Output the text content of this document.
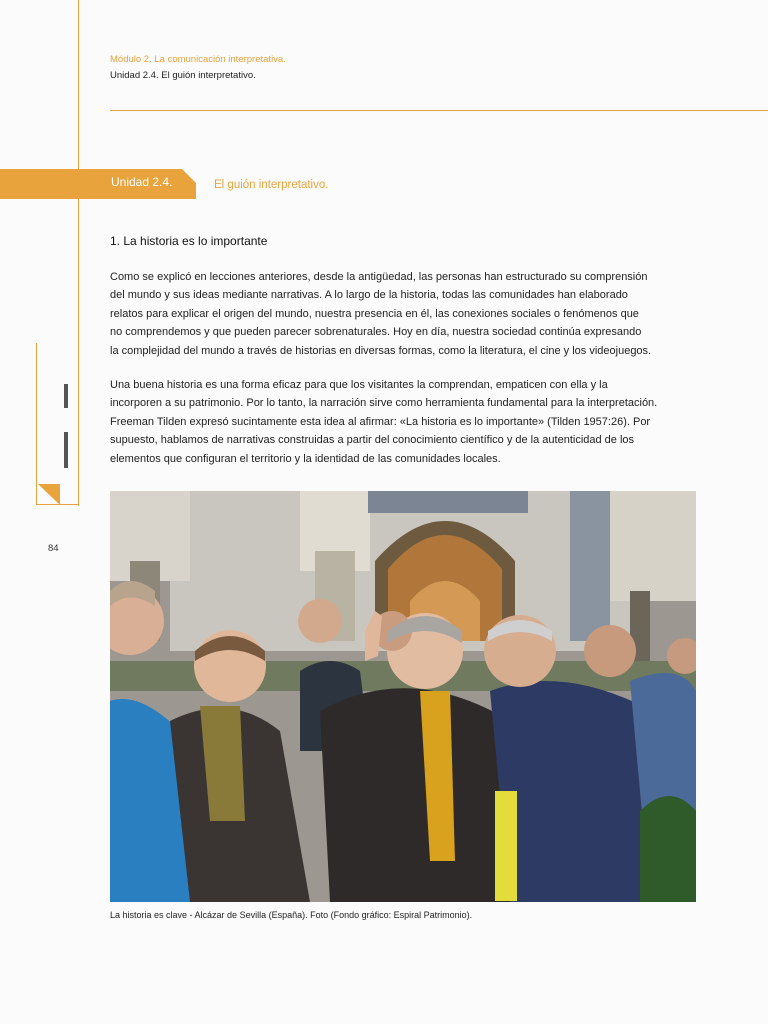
Módulo 2. La comunicación interpretativa.
Unidad 2.4. El guión interpretativo.
Unidad 2.4.	El guión interpretativo.
84
1. La historia es lo importante

Como se explicó en lecciones anteriores, desde la antigüedad, las personas han estructurado su comprensión
del mundo y sus ideas mediante narrativas. A lo largo de la historia, todas las comunidades han elaborado
relatos para explicar el origen del mundo, nuestra presencia en él, las conexiones sociales o fenómenos que
no comprendemos y que pueden parecer sobrenaturales. Hoy en día, nuestra sociedad continúa expresando
la complejidad del mundo a través de historias en diversas formas, como la literatura, el cine y los videojuegos.

Una buena historia es una forma eficaz para que los visitantes la comprendan, empaticen con ella y la
incorporen a su patrimonio. Por lo tanto, la narración sirve como herramienta fundamental para la interpretación.
Freeman Tilden expresó sucintamente esta idea al afirmar: «La historia es lo importante» (Tilden 1957:26). Por
supuesto, hablamos de narrativas construidas a partir del conocimiento científico y de la autenticidad de los
elementos que configuran el territorio y la identidad de las comunidades locales.

La historia es clave - Alcázar de Sevilla (España). Foto (Fondo gráfico: Espiral Patrimonio).
